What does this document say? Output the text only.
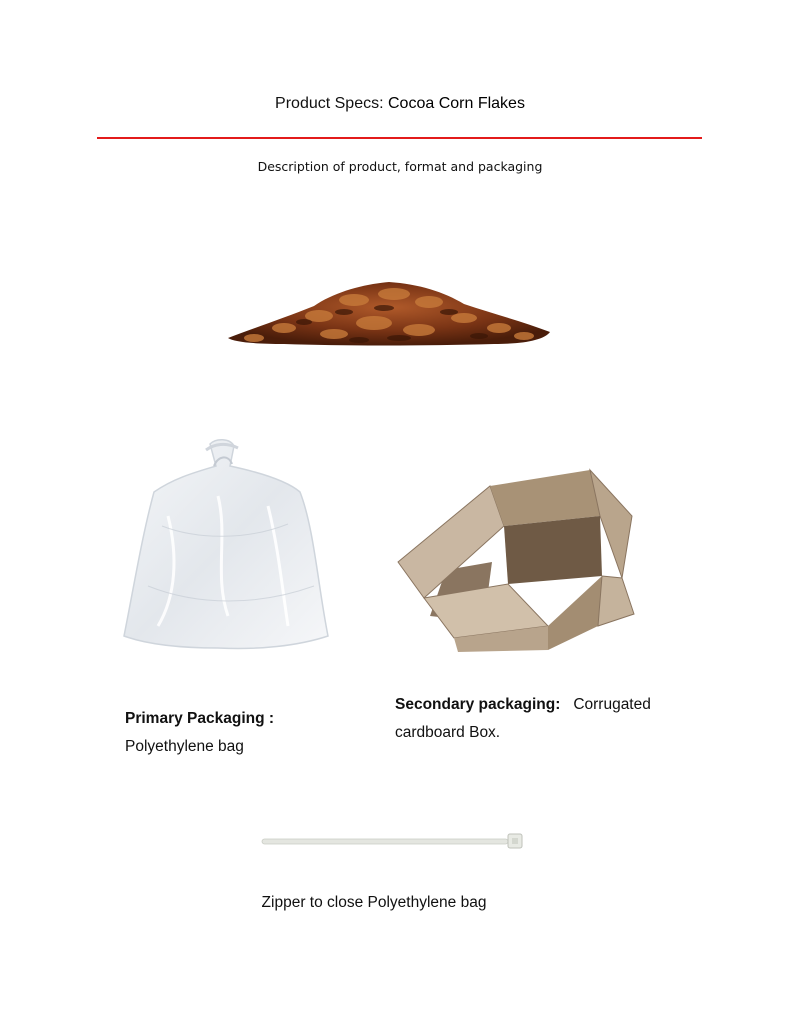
Product Specs: Cocoa Corn Flakes
Description of product, format and packaging
Primary Packaging :
Polyethylene bag
Secondary packaging: Corrugated
cardboard Box.
Zipper to close Polyethylene bag
